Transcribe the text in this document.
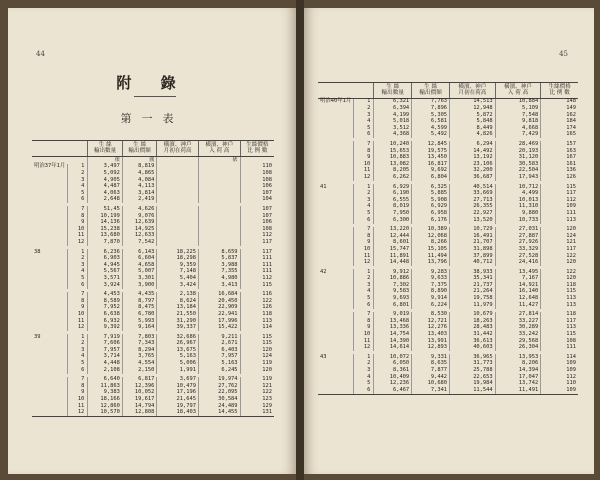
44
附 錄
第一表
		生 絲
輸出數量	生 絲
輸出價額	橫濱、神戶
月初在荷高	橫濱、神戶
入 荷 高	生絲價格
比 例 數
		俵	圓		俵	
明治37年1月	1	3,497	8,819			110
	2	5,092	4,865			108
	3	4,905	4,084			108
	4	4,487	4,113			106
	5	4,063	3,814			107
	6	2,648	2,419			104

	7	51,45	4,626			107
	8	10,199	9,076			107
	9	14,136	12,639			106
	10	15,238	14,925			108
	11	13,680	12,633			112
	12	7,870	7,542			117

38	1	6,236	6,143	18,225	8,659	117
	2	6,903	6,604	18,298	5,837	111
	3	4,945	4,658	9,359	3,988	111
	4	5,567	5,007	7,148	7,355	111
	5	3,571	3,301	5,404	4,980	112
	6	3,924	3,900	3,424	3,413	115

	7	4,453	4,435	2,138	16,684	116
	8	8,589	8,797	8,624	20,450	122
	9	7,952	8,475	13,184	22,909	126
	10	6,638	6,780	21,550	22,941	118
	11	6,932	5,993	31,290	17,996	113
	12	9,392	9,164	39,337	15,422	114

39	1	7,919	7,803	32,686	9,211	115
	2	7,606	7,343	26,967	2,671	115
	3	7,957	8,294	13,675	6,403	120
	4	3,714	3,765	5,163	7,957	124
	5	4,448	4,554	5,006	5,163	119
	6	2,108	2,150	1,991	6,245	120

	7	6,640	6,817	3,697	19,974	119
	8	11,863	12,396	10,479	27,762	121
	9	9,383	10,052	17,196	22,095	122
	10	18,166	19,617	21,645	30,584	123
	11	12,860	14,794	19,797	24,489	129
	12	10,570	12,808	18,403	14,455	131
45
		生 絲
輸出數量	生 絲
輸出價額	橫濱、神戶
月初在荷高	橫濱、神戶
入 荷 高	生絲價格
比 例 數
明治40年1月	1	6,321	7,763	14,513	10,884	148
	2	6,394	7,896	12,948	5,109	149
	3	4,199	5,305	5,872	7,548	162
	4	5,018	6,581	5,848	9,818	184
	5	3,512	4,599	8,449	4,668	174
	6	4,368	5,492	4,826	7,429	165

	7	10,240	12,845	6,294	28,469	157
	8	15,653	19,575	14,492	20,193	163
	9	10,883	13,450	13,192	31,120	167
	10	13,082	16,817	23,106	30,583	161
	11	8,205	9,692	32,200	22,504	136
	12	6,262	6,804	36,687	17,943	126

41	1	6,929	6,325	40,514	10,712	115
	2	6,190	5,885	33,669	4,499	117
	3	6,555	5,908	27,713	10,013	112
	4	8,019	6,929	26,355	11,310	109
	5	7,950	6,958	22,927	9,880	111
	6	6,300	6,176	13,520	10,733	113

	7	13,220	10,389	10,729	27,031	120
	8	12,444	12,068	16,491	27,887	124
	9	8,601	8,266	21,707	27,926	121
	10	15,747	15,105	31,898	33,329	117
	11	11,891	11,494	37,899	27,528	122
	12	14,448	13,796	40,712	24,416	120

42	1	9,912	9,283	38,933	13,495	122
	2	10,886	9,633	35,341	7,167	120
	3	7,302	7,375	21,737	14,921	118
	4	9,583	8,890	21,264	16,140	115
	5	9,693	9,914	19,758	12,648	113
	6	6,801	6,224	11,979	11,427	113

	7	9,019	8,530	10,679	27,814	118
	8	13,468	12,721	18,263	33,227	117
	9	13,336	12,276	28,483	30,289	113
	10	14,754	13,403	31,442	33,242	115
	11	14,390	13,991	36,613	29,568	108
	12	14,614	12,893	40,603	26,304	111

43	1	10,072	9,331	36,965	13,953	114
	2	6,050	8,635	31,773	8,206	109
	3	8,361	7,877	25,788	14,394	109
	4	10,409	9,442	22,653	17,047	112
	5	12,236	10,680	19,984	13,742	110
	6	6,467	7,341	11,544	11,491	109
